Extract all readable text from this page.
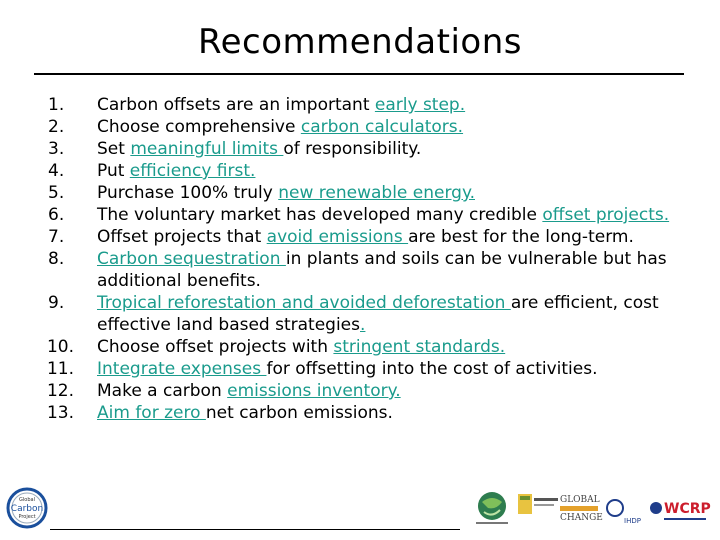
Recommendations
1.	Carbon offsets are an important early step.
2.	Choose comprehensive carbon calculators.
3.	Set meaningful limits of responsibility.
4.	Put efficiency first.
5.	Purchase 100% truly new renewable energy.
6.	The voluntary market has developed many credible offset projects.
7.	Offset projects that avoid emissions are best for the long-term.
8.	Carbon sequestration in plants and soils can be vulnerable but has additional benefits.
9.	Tropical reforestation and avoided deforestation are efficient, cost effective land based strategies.
10. Choose offset projects with stringent standards.
11. Integrate expenses for offsetting into the cost of activities.
12. Make a carbon emissions inventory.
13. Aim for zero net carbon emissions.
Global
Carbon
Project
GLOBAL
CHANGE	IHDP
WCRP
